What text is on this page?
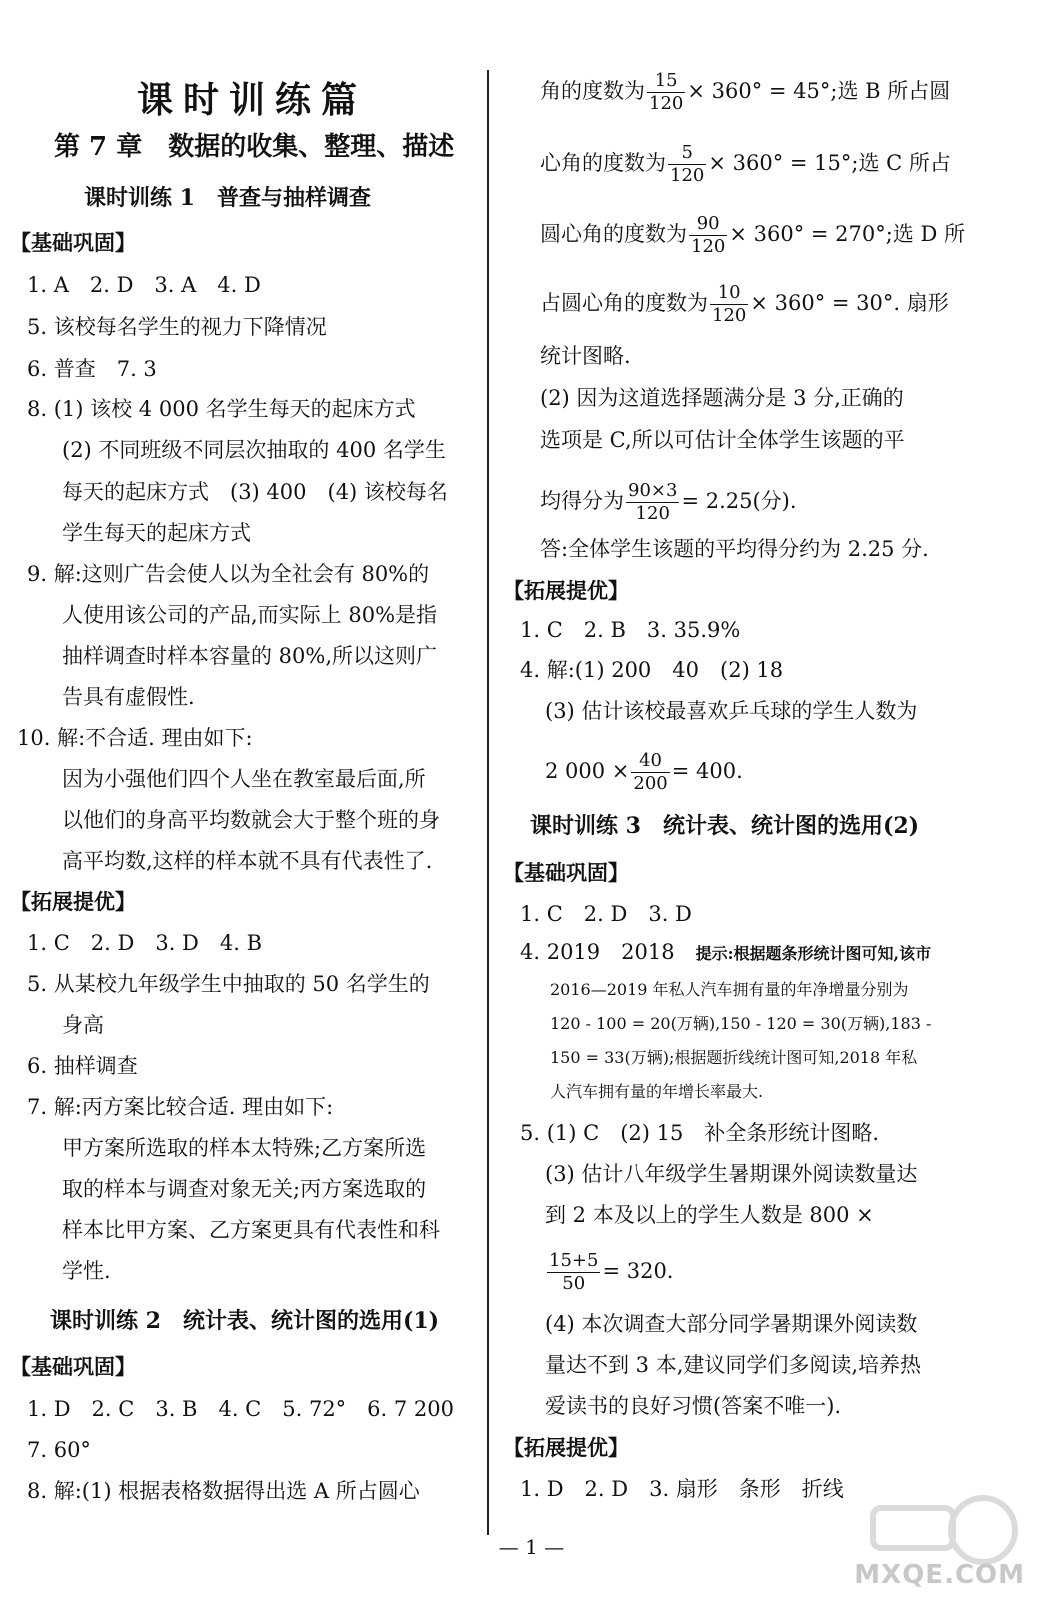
课时训练篇
第 7 章　数据的收集、整理、描述
课时训练 1　普查与抽样调查
【基础巩固】
1. A　2. D　3. A　4. D
5. 该校每名学生的视力下降情况
6. 普查　7. 3
8. (1) 该校 4 000 名学生每天的起床方式
(2) 不同班级不同层次抽取的 400 名学生
每天的起床方式　(3) 400　(4) 该校每名
学生每天的起床方式
9. 解:这则广告会使人以为全社会有 80%的
人使用该公司的产品,而实际上 80%是指
抽样调查时样本容量的 80%,所以这则广
告具有虚假性.
10. 解:不合适. 理由如下:
因为小强他们四个人坐在教室最后面,所
以他们的身高平均数就会大于整个班的身
高平均数,这样的样本就不具有代表性了.
【拓展提优】
1. C　2. D　3. D　4. B
5. 从某校九年级学生中抽取的 50 名学生的
身高
6. 抽样调查
7. 解:丙方案比较合适. 理由如下:
甲方案所选取的样本太特殊;乙方案所选
取的样本与调查对象无关;丙方案选取的
样本比甲方案、乙方案更具有代表性和科
学性.
课时训练 2　统计表、统计图的选用(1)
【基础巩固】
1. D　2. C　3. B　4. C　5. 72°　6. 7 200
7. 60°
8. 解:(1) 根据表格数据得出选 A 所占圆心
角的度数为 $\frac{15}{120} \times 360^\circ = 45^\circ$;选 B 所占圆
心角的度数为 $\frac{5}{120} \times 360^\circ = 15^\circ$;选 C 所占
圆心角的度数为 $\frac{90}{120} \times 360^\circ = 270^\circ$;选 D 所
占圆心角的度数为 $\frac{10}{120} \times 360^\circ = 30^\circ$. 扇形
统计图略.
(2) 因为这道选择题满分是 3 分,正确的
选项是 C,所以可估计全体学生该题的平
均得分为 $\frac{90\times 3}{120} = 2.25$(分).
答:全体学生该题的平均得分约为 2.25 分.
【拓展提优】
1. C　2. B　3. 35.9%
4. 解:(1) 200　40　(2) 18
(3) 估计该校最喜欢乒乓球的学生人数为
2 $000 \times \frac{40}{200} = 400$.
课时训练 3　统计表、统计图的选用(2)
【基础巩固】
1. C　2. D　3. D
4. 2019　2018　 提示:根据题条形统计图可知,该市
2016—2019 年私人汽车拥有量的年净增量分别为
120 - 100 = 20(万辆),150 - 120 = 30(万辆),183 -
150 = 33(万辆);根据题折线统计图可知,2018 年私
人汽车拥有量的年增长率最大.
5. (1) C　(2) 15　补全条形统计图略.
(3) 估计八年级学生暑期课外阅读数量达
到 2 本及以上的学生人数是 800 ×
$\frac{15+5}{50} = 320$.
(4) 本次调查大部分同学暑期课外阅读数
量达不到 3 本,建议同学们多阅读,培养热
爱读书的良好习惯(答案不唯一).
【拓展提优】
1. D　2. D　3. 扇形　条形　折线
— 1 —
MXQE.COM
